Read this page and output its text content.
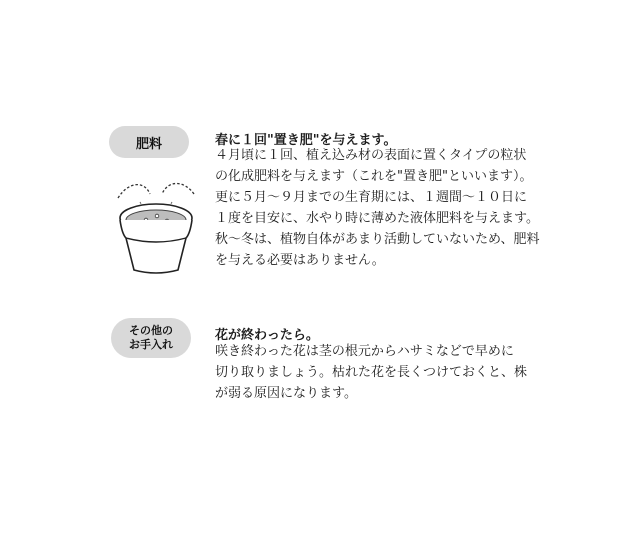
肥料	春に１回"置き肥"を与えます。
４月頃に１回、植え込み材の表面に置くタイプの粒状
の化成肥料を与えます（これを"置き肥"といいます）。
更に５月～９月までの生育期には、１週間～１０日に
１度を目安に、水やり時に薄めた液体肥料を与えます。
秋～冬は、植物自体があまり活動していないため、肥料
を与える必要はありません。
その他の
お手入れ
花が終わったら。
咲き終わった花は茎の根元からハサミなどで早めに
切り取りましょう。枯れた花を長くつけておくと、株
が弱る原因になります。
